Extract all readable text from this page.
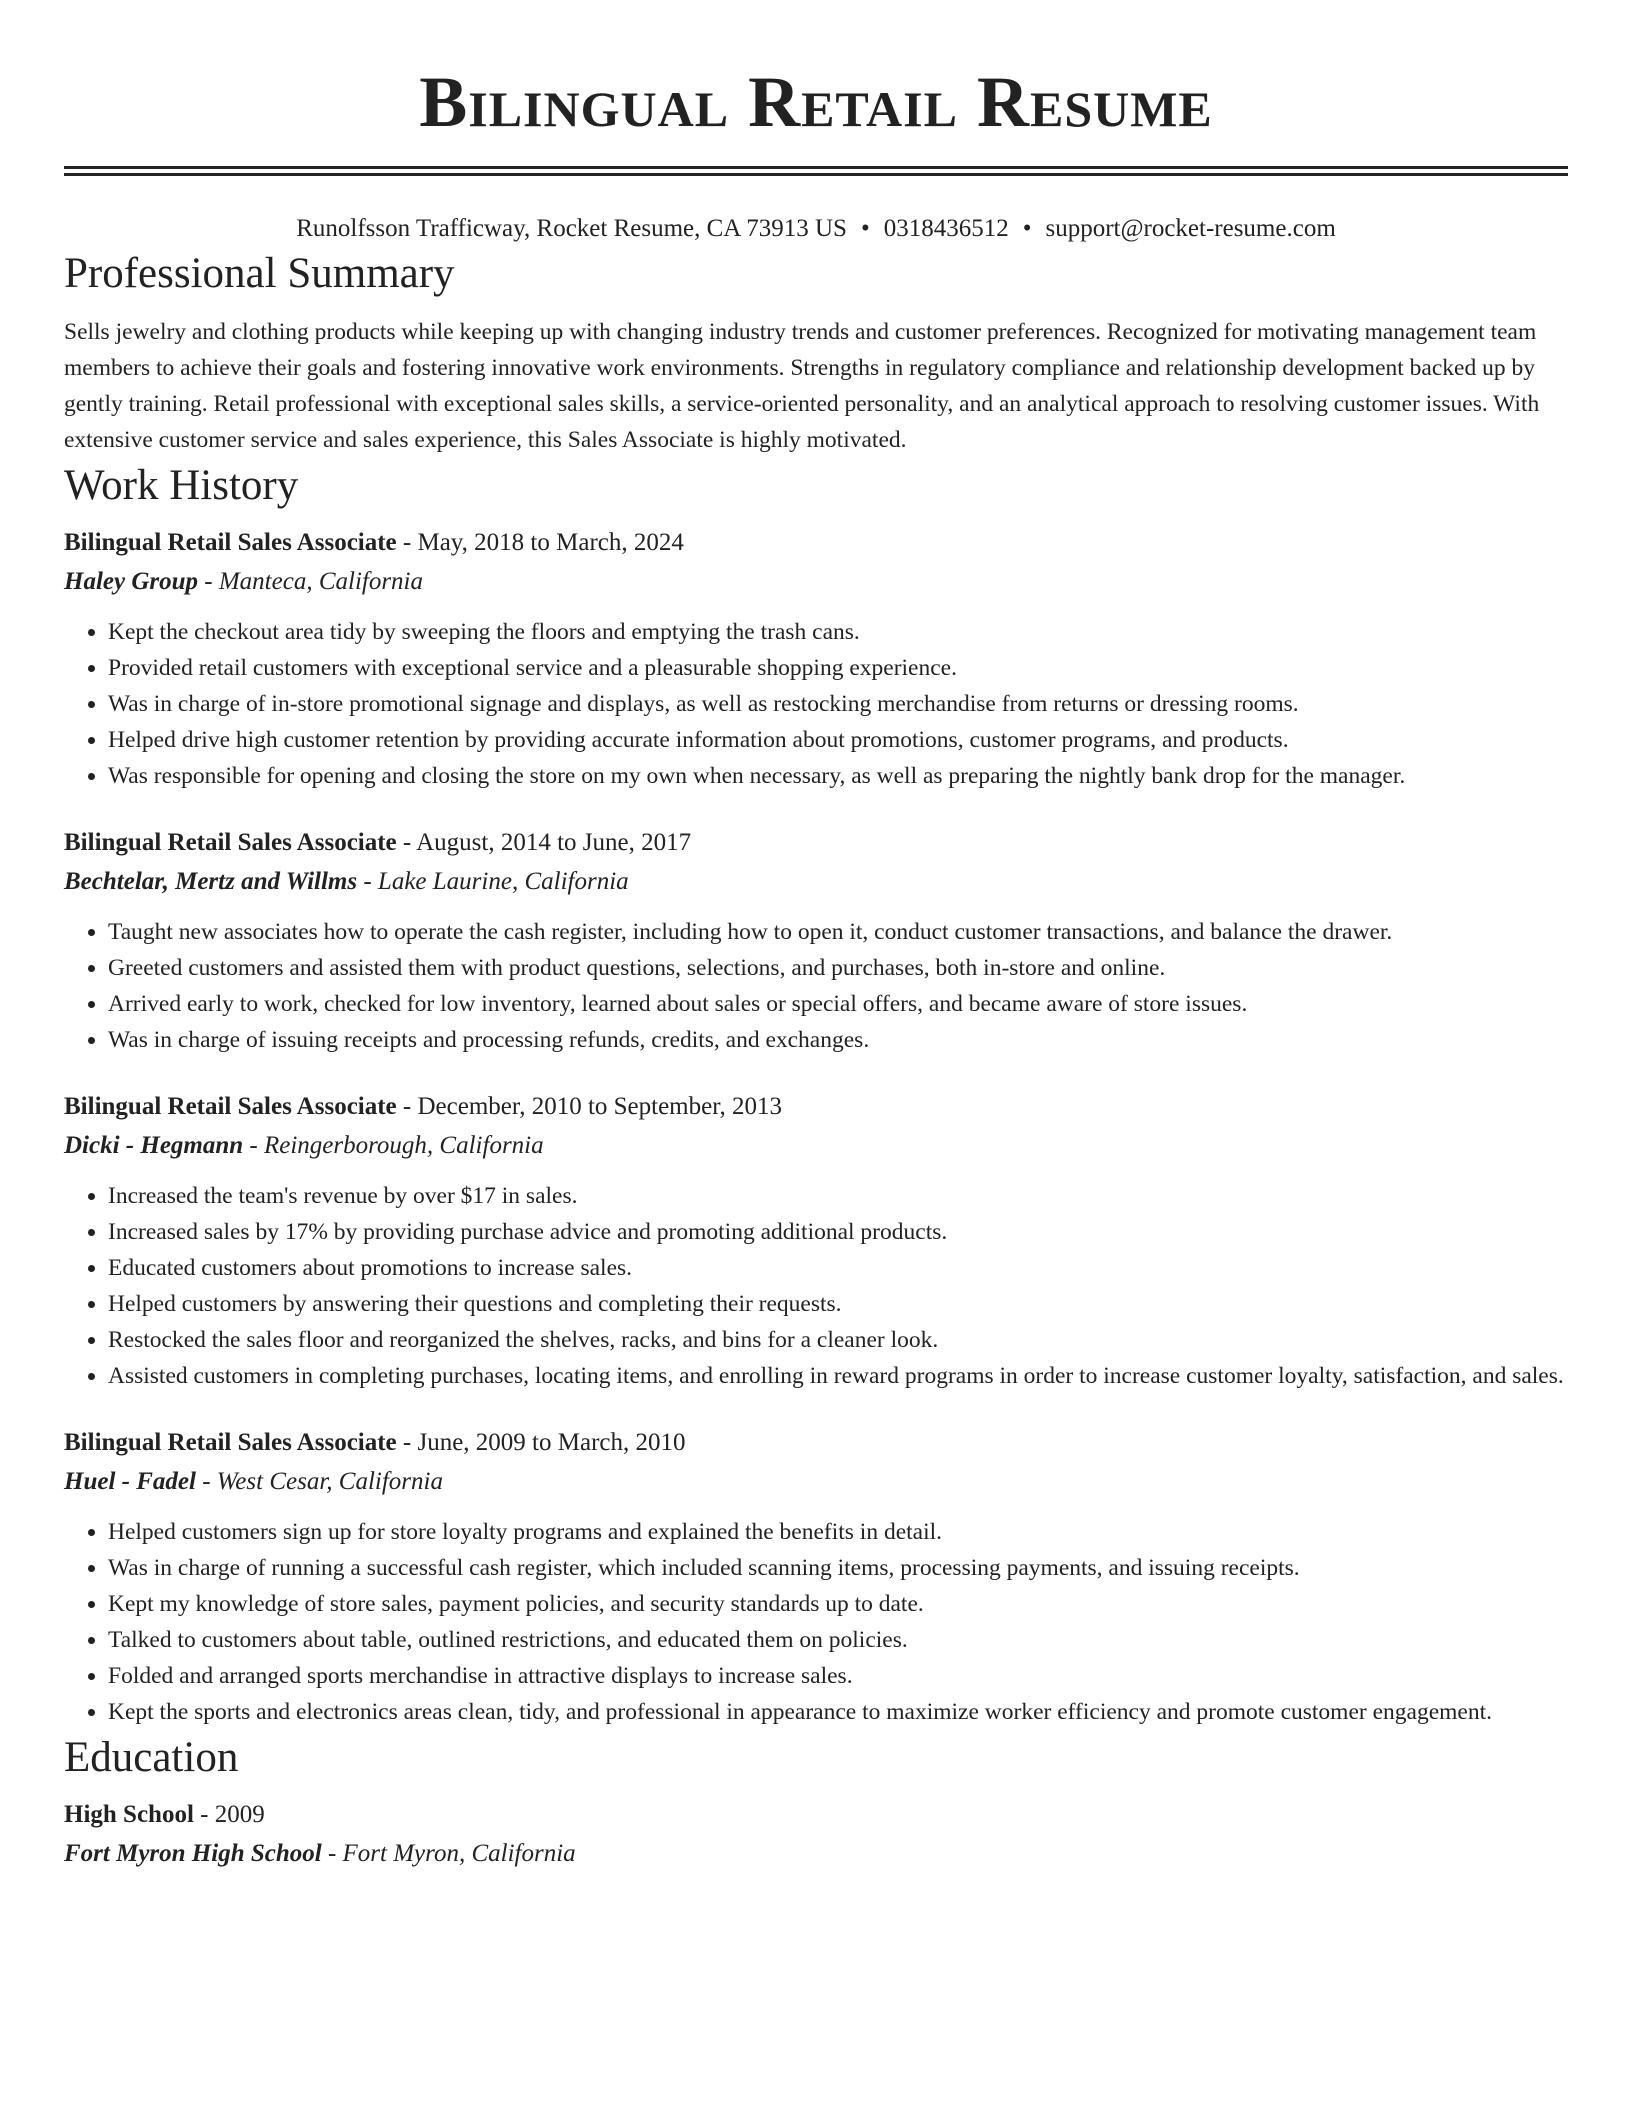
Bilingual Retail Resume
Runolfsson Trafficway, Rocket Resume, CA 73913 US • 0318436512 • support@rocket-resume.com
Professional Summary
Sells jewelry and clothing products while keeping up with changing industry trends and customer preferences. Recognized for motivating management team members to achieve their goals and fostering innovative work environments. Strengths in regulatory compliance and relationship development backed up by gently training. Retail professional with exceptional sales skills, a service-oriented personality, and an analytical approach to resolving customer issues. With extensive customer service and sales experience, this Sales Associate is highly motivated.
Work History
Bilingual Retail Sales Associate - May, 2018 to March, 2024
Haley Group - Manteca, California
• Kept the checkout area tidy by sweeping the floors and emptying the trash cans.
• Provided retail customers with exceptional service and a pleasurable shopping experience.
• Was in charge of in-store promotional signage and displays, as well as restocking merchandise from returns or dressing rooms.
• Helped drive high customer retention by providing accurate information about promotions, customer programs, and products.
• Was responsible for opening and closing the store on my own when necessary, as well as preparing the nightly bank drop for the manager.
Bilingual Retail Sales Associate - August, 2014 to June, 2017
Bechtelar, Mertz and Willms - Lake Laurine, California
• Taught new associates how to operate the cash register, including how to open it, conduct customer transactions, and balance the drawer.
• Greeted customers and assisted them with product questions, selections, and purchases, both in-store and online.
• Arrived early to work, checked for low inventory, learned about sales or special offers, and became aware of store issues.
• Was in charge of issuing receipts and processing refunds, credits, and exchanges.
Bilingual Retail Sales Associate - December, 2010 to September, 2013
Dicki - Hegmann - Reingerborough, California
• Increased the team's revenue by over $17 in sales.
• Increased sales by 17% by providing purchase advice and promoting additional products.
• Educated customers about promotions to increase sales.
• Helped customers by answering their questions and completing their requests.
• Restocked the sales floor and reorganized the shelves, racks, and bins for a cleaner look.
• Assisted customers in completing purchases, locating items, and enrolling in reward programs in order to increase customer loyalty, satisfaction, and sales.
Bilingual Retail Sales Associate - June, 2009 to March, 2010
Huel - Fadel - West Cesar, California
• Helped customers sign up for store loyalty programs and explained the benefits in detail.
• Was in charge of running a successful cash register, which included scanning items, processing payments, and issuing receipts.
• Kept my knowledge of store sales, payment policies, and security standards up to date.
• Talked to customers about table, outlined restrictions, and educated them on policies.
• Folded and arranged sports merchandise in attractive displays to increase sales.
• Kept the sports and electronics areas clean, tidy, and professional in appearance to maximize worker efficiency and promote customer engagement.
Education
High School - 2009
Fort Myron High School - Fort Myron, California
